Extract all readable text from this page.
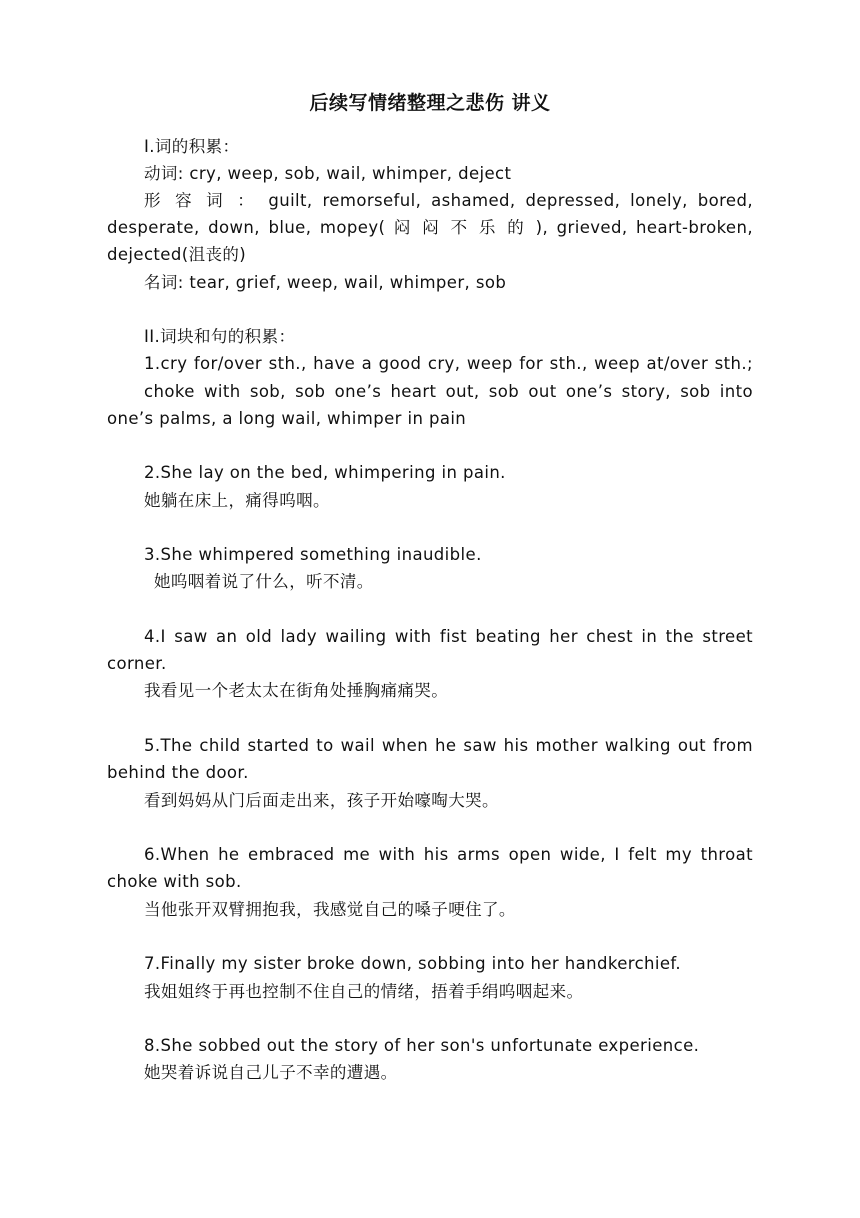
后续写情绪整理之悲伤 讲义
I.词的积累：
动词: cry, weep, sob, wail, whimper, deject
形 容 词 ： guilt, remorseful, ashamed, depressed, lonely, bored,
desperate, down, blue, mopey( 闷 闷 不 乐 的 ), grieved, heart-broken,
dejected(沮丧的)
名词: tear, grief, weep, wail, whimper, sob
II.词块和句的积累：
1.cry for/over sth., have a good cry, weep for sth., weep at/over sth.;
choke with sob, sob one’s heart out, sob out one’s story, sob into
one’s palms, a long wail, whimper in pain
2.She lay on the bed, whimpering in pain.
她躺在床上，痛得呜咽。
3.She whimpered something inaudible.
她呜咽着说了什么，听不清。
4.I saw an old lady wailing with fist beating her chest in the street
corner.
我看见一个老太太在街角处捶胸痛痛哭。
5.The child started to wail when he saw his mother walking out from
behind the door.
看到妈妈从门后面走出来，孩子开始嚎啕大哭。
6.When he embraced me with his arms open wide, I felt my throat
choke with sob.
当他张开双臂拥抱我，我感觉自己的嗓子哽住了。
7.Finally my sister broke down, sobbing into her handkerchief.
我姐姐终于再也控制不住自己的情绪，捂着手绢呜咽起来。
8.She sobbed out the story of her son's unfortunate experience.
她哭着诉说自己儿子不幸的遭遇。
